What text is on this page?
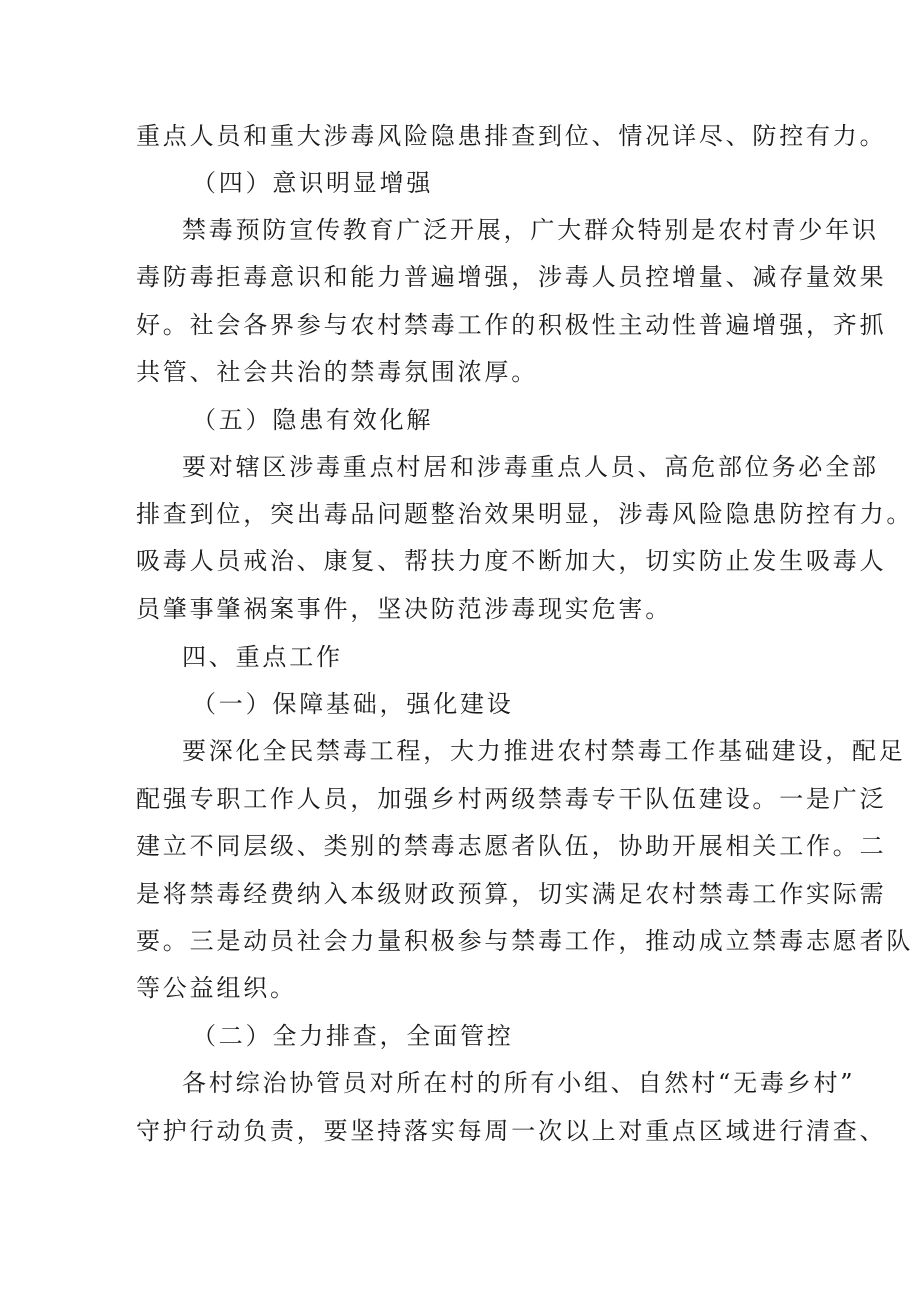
重点人员和重大涉毒风险隐患排查到位、情况详尽、防控有力。
（四）意识明显增强
禁毒预防宣传教育广泛开展，广大群众特别是农村青少年识
毒防毒拒毒意识和能力普遍增强，涉毒人员控增量、减存量效果
好。社会各界参与农村禁毒工作的积极性主动性普遍增强，齐抓
共管、社会共治的禁毒氛围浓厚。
（五）隐患有效化解
要对辖区涉毒重点村居和涉毒重点人员、高危部位务必全部
排查到位，突出毒品问题整治效果明显，涉毒风险隐患防控有力。
吸毒人员戒治、康复、帮扶力度不断加大，切实防止发生吸毒人
员肇事肇祸案事件，坚决防范涉毒现实危害。
四、重点工作
（一）保障基础，强化建设
要深化全民禁毒工程，大力推进农村禁毒工作基础建设，配足
配强专职工作人员，加强乡村两级禁毒专干队伍建设。一是广泛
建立不同层级、类别的禁毒志愿者队伍，协助开展相关工作。二
是将禁毒经费纳入本级财政预算，切实满足农村禁毒工作实际需
要。三是动员社会力量积极参与禁毒工作，推动成立禁毒志愿者队
等公益组织。
（二）全力排查，全面管控
各村综治协管员对所在村的所有小组、自然村“无毒乡村”
守护行动负责，要坚持落实每周一次以上对重点区域进行清查、
